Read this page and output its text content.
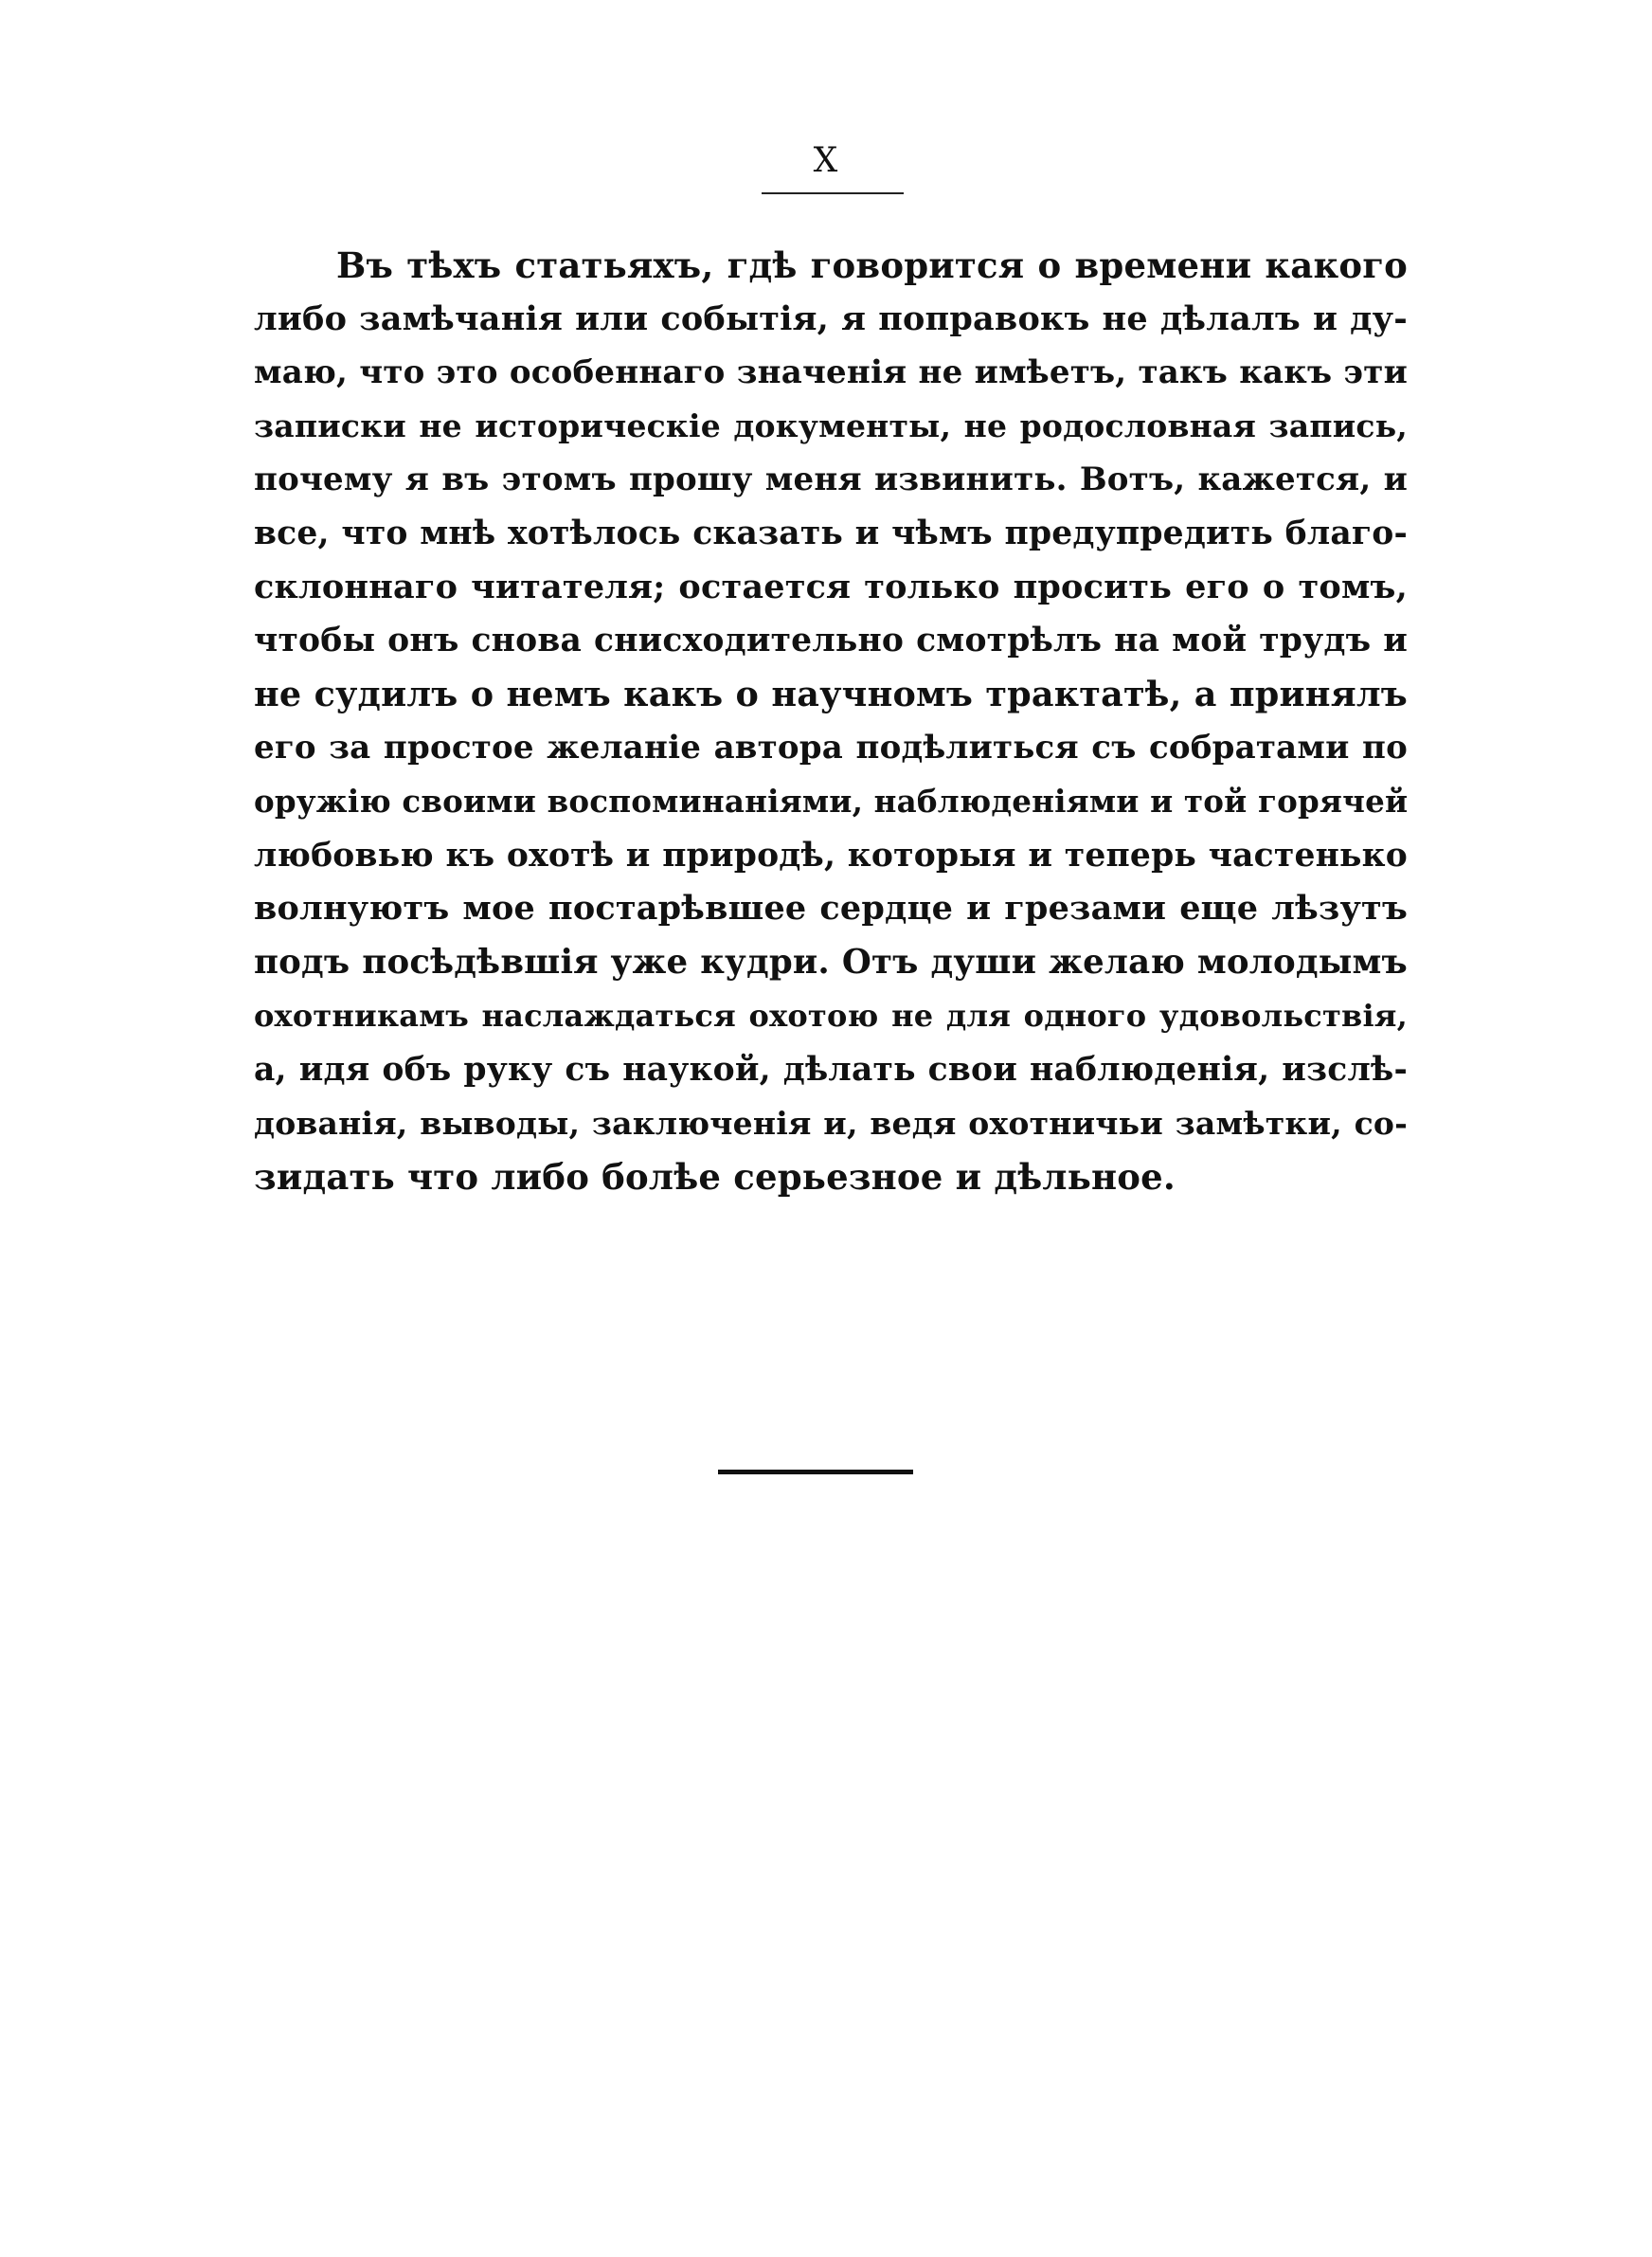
X
Въ тѣхъ статьяхъ, гдѣ говорится о времени какого
либо замѣчанія или событія, я поправокъ не дѣлалъ и ду-
маю, что это особеннаго значенія не имѣетъ, такъ какъ эти
записки не историческіе документы, не родословная запись,
почему я въ этомъ прошу меня извинить. Вотъ, кажется, и
все, что мнѣ хотѣлось сказать и чѣмъ предупредить благо-
склоннаго читателя; остается только просить его о томъ,
чтобы онъ снова снисходительно смотрѣлъ на мой трудъ и
не судилъ о немъ какъ о научномъ трактатѣ, а принялъ
его за простое желаніе автора подѣлиться съ собратами по
оружію своими воспоминаніями, наблюденіями и той горячей
любовью къ охотѣ и природѣ, которыя и теперь частенько
волнуютъ мое постарѣвшее сердце и грезами еще лѣзутъ
подъ посѣдѣвшія уже кудри. Отъ души желаю молодымъ
охотникамъ наслаждаться охотою не для одного удовольствія,
а, идя объ руку съ наукой, дѣлать свои наблюденія, изслѣ-
дованія, выводы, заключенія и, ведя охотничьи замѣтки, со-
зидать что либо болѣе серьезное и дѣльное.
